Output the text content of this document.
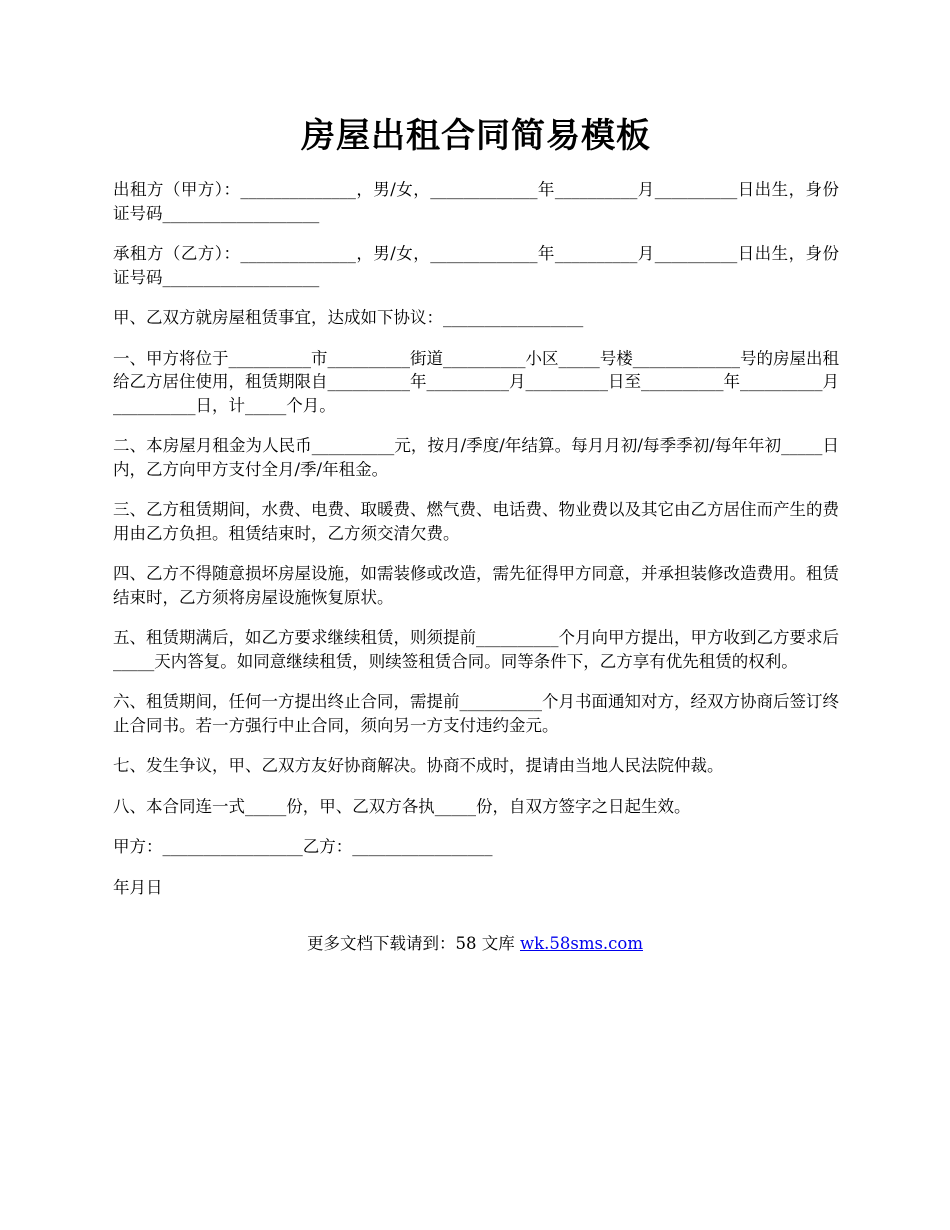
房屋出租合同简易模板

出租方（甲方）：______________，男/女，_____________年__________月__________日出生，身份证号码___________________

承租方（乙方）：______________，男/女，_____________年__________月__________日出生，身份证号码___________________

甲、乙双方就房屋租赁事宜，达成如下协议：_________________

一、甲方将位于__________市__________街道__________小区_____号楼_____________号的房屋出租给乙方居住使用，租赁期限自__________年__________月__________日至__________年__________月__________日，计_____个月。

二、本房屋月租金为人民币__________元，按月/季度/年结算。每月月初/每季季初/每年年初_____日内，乙方向甲方支付全月/季/年租金。

三、乙方租赁期间，水费、电费、取暖费、燃气费、电话费、物业费以及其它由乙方居住而产生的费用由乙方负担。租赁结束时，乙方须交清欠费。

四、乙方不得随意损坏房屋设施，如需装修或改造，需先征得甲方同意，并承担装修改造费用。租赁结束时，乙方须将房屋设施恢复原状。

五、租赁期满后，如乙方要求继续租赁，则须提前__________个月向甲方提出，甲方收到乙方要求后_____天内答复。如同意继续租赁，则续签租赁合同。同等条件下，乙方享有优先租赁的权利。

六、租赁期间，任何一方提出终止合同，需提前__________个月书面通知对方，经双方协商后签订终止合同书。若一方强行中止合同，须向另一方支付违约金元。

七、发生争议，甲、乙双方友好协商解决。协商不成时，提请由当地人民法院仲裁。

八、本合同连一式_____份，甲、乙双方各执_____份，自双方签字之日起生效。

甲方：_________________乙方：_________________

年月日

更多文档下载请到：58 文库 wk.58sms.com
